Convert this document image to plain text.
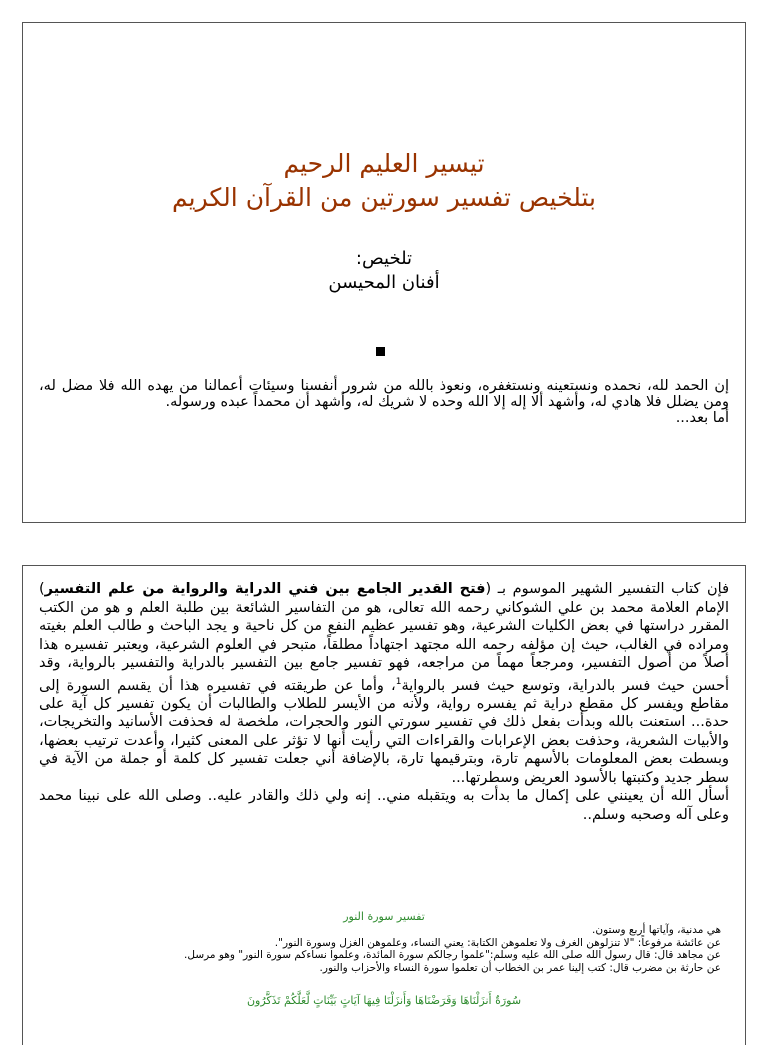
تيسير العليم الرحيم
بتلخيص تفسير سورتين من القرآن الكريم
تلخيص:
أفنان المحيسن

إن الحمد لله، نحمده ونستعينه ونستغفره، ونعوذ بالله من شرور أنفسنا وسيئات أعمالنا من يهده الله فلا مضل له، ومن يضلل فلا هادي له، وأشهد ألا إله إلا الله وحده لا شريك له، وأشهد أن محمداً عبده ورسوله.

أما بعد...

فإن كتاب التفسير الشهير الموسوم بـ (فتح القدير الجامع بين فني الدراية والرواية من علم التفسير) الإمام العلامة محمد بن علي الشوكاني رحمه الله تعالى، هو من التفاسير الشائعة بين طلبة العلم و هو من الكتب المقرر دراستها في بعض الكليات الشرعية، وهو تفسير عظيم النفع من كل ناحية و يجد الباحث و طالب العلم بغيته ومراده في الغالب، حيث إن مؤلفه رحمه الله مجتهد اجتهاداً مطلقاً، متبحر في العلوم الشرعية، ويعتبر تفسيره هذا أصلاً من أصول التفسير، ومرجعاً مهماً من مراجعه، فهو تفسير جامع بين التفسير بالدراية والتفسير بالرواية، وقد أحسن حيث فسر بالدراية، وتوسع حيث فسر بالرواية$^1$، وأما عن طريقته في تفسيره هذا أن يقسم السورة إلى مقاطع ويفسر كل مقطع دراية ثم يفسره رواية، ولأنه من الأيسر للطلاب والطالبات أن يكون تفسير كل آية على حدة... استعنت بالله وبدأت بفعل ذلك في تفسير سورتي النور والحجرات، ملخصة له فحذفت الأسانيد والتخريجات، والأبيات الشعرية، وحذفت بعض الإعرابات والقراءات التي رأيت أنها لا تؤثر على المعنى كثيرا، وأعدت ترتيب بعضها، وبسطت بعض المعلومات بالأسهم تارة، وبترقيمها تارة، بالإضافة أني جعلت تفسير كل كلمة أو جملة من الآية في سطر جديد وكتبتها بالأسود العريض وسطرتها...

أسأل الله أن يعينني على إكمال ما بدأت به ويتقبله مني.. إنه ولي ذلك والقادر عليه.. وصلى الله على نبينا محمد وعلى آله وصحبه وسلم..

تفسير سورة النور
هي مدنية، وآياتها أربع وستون.
عن عائشة مرفوعاً: "لا تنزلوهن الغرف ولا تعلموهن الكتابة: يعني النساء، وعلموهن الغزل وسورة النور".
عن مجاهد قال: قال رسول الله صلى الله عليه وسلم:"علموا رجالكم سورة المائدة، وعلموا نساءكم سورة النور" وهو مرسل.
عن حارثة بن مضرب قال: كتب إلينا عمر بن الخطاب أن تعلموا سورة النساء والأحزاب والنور.
سُورَةٌ أَنزَلْنَاهَا وَفَرَضْنَاهَا وَأَنزَلْنَا فِيهَا آيَاتٍ بَيِّنَاتٍ لَّعَلَّكُمْ تَذَكَّرُونَ
